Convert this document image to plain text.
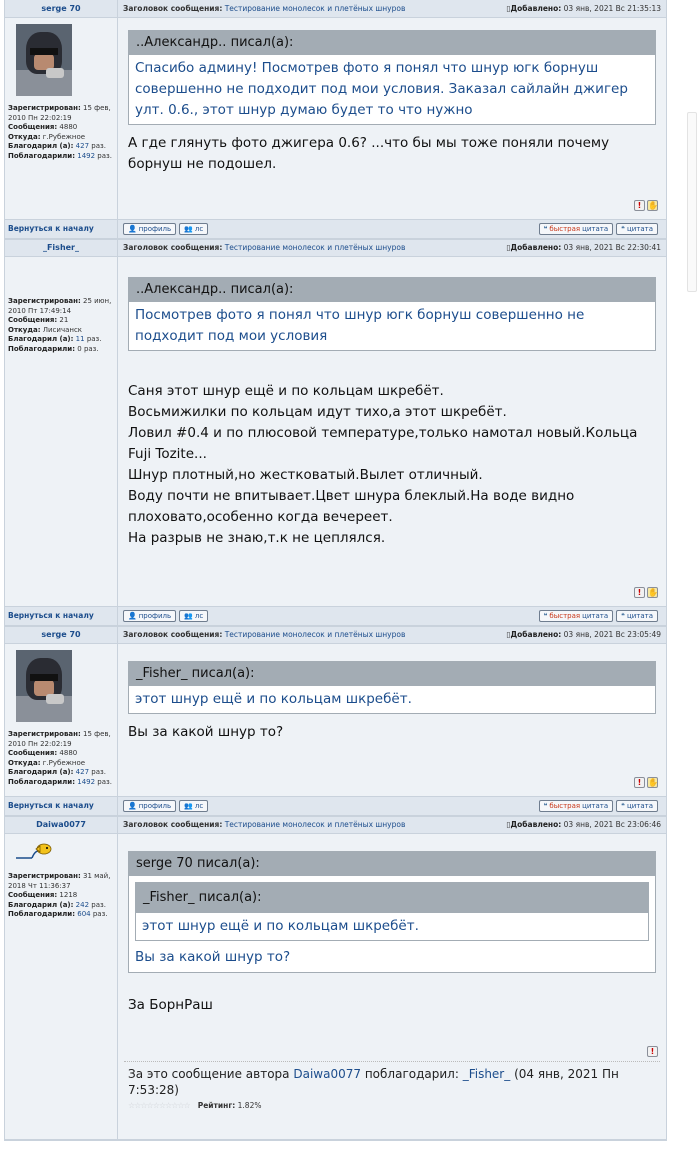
serge 70	Заголовок сообщения: Тестирование монолесок и плетёных шнуров	▯Добавлено: 03 янв, 2021 Вс 21:35:13
Зарегистрирован: 15 фев, 2010 Пн 22:02:19
Сообщения: 4880
Откуда: г.Рубежное
Благодарил (а): 427 раз.
Поблагодарили: 1492 раз.
..Александр.. писал(а):
Спасибо админу! Посмотрев фото я понял что шнур югк борнуш совершенно не подходит под мои условия. Заказал сайлайн джигер улт. 0.6., этот шнур думаю будет то что нужно
А где глянуть фото джигера 0.6? ...что бы мы тоже поняли почему борнуш не подошел.
! ✋
Вернуться к началу	👤 профиль 👥 лс	❝ быстрая цитата ❝ цитата
_Fisher_	Заголовок сообщения: Тестирование монолесок и плетёных шнуров	▯Добавлено: 03 янв, 2021 Вс 22:30:41
Зарегистрирован: 25 июн, 2010 Пт 17:49:14
Сообщения: 21
Откуда: Лисичанск
Благодарил (а): 11 раз.
Поблагодарили: 0 раз.
..Александр.. писал(а):
Посмотрев фото я понял что шнур югк борнуш совершенно не подходит под мои условия
Саня этот шнур ещё и по кольцам шкребёт.
Восьмижилки по кольцам идут тихо,а этот шкребёт.
Ловил #0.4 и по плюсовой температуре,только намотал новый.Кольца Fuji Tozite...
Шнур плотный,но жестковатый.Вылет отличный.
Воду почти не впитывает.Цвет шнура блеклый.На воде видно плоховато,особенно когда вечереет.
На разрыв не знаю,т.к не цеплялся.
! ✋
Вернуться к началу	👤 профиль 👥 лс	❝ быстрая цитата ❝ цитата
serge 70	Заголовок сообщения: Тестирование монолесок и плетёных шнуров	▯Добавлено: 03 янв, 2021 Вс 23:05:49
Зарегистрирован: 15 фев, 2010 Пн 22:02:19
Сообщения: 4880
Откуда: г.Рубежное
Благодарил (а): 427 раз.
Поблагодарили: 1492 раз.
_Fisher_ писал(а):
этот шнур ещё и по кольцам шкребёт.
Вы за какой шнур то?
! ✋
Вернуться к началу	👤 профиль 👥 лс	❝ быстрая цитата ❝ цитата
Daiwa0077	Заголовок сообщения: Тестирование монолесок и плетёных шнуров	▯Добавлено: 03 янв, 2021 Вс 23:06:46
Зарегистрирован: 31 май, 2018 Чт 11:36:37
Сообщения: 1218
Благодарил (а): 242 раз.
Поблагодарили: 604 раз.
serge 70 писал(а):
_Fisher_ писал(а):
этот шнур ещё и по кольцам шкребёт.
Вы за какой шнур то?
За БорнРаш
!
За это сообщение автора Daiwa0077 поблагодарил: _Fisher_ (04 янв, 2021 Пн 7:53:28)
☆☆☆☆☆☆☆☆☆☆ Рейтинг: 1.82%
